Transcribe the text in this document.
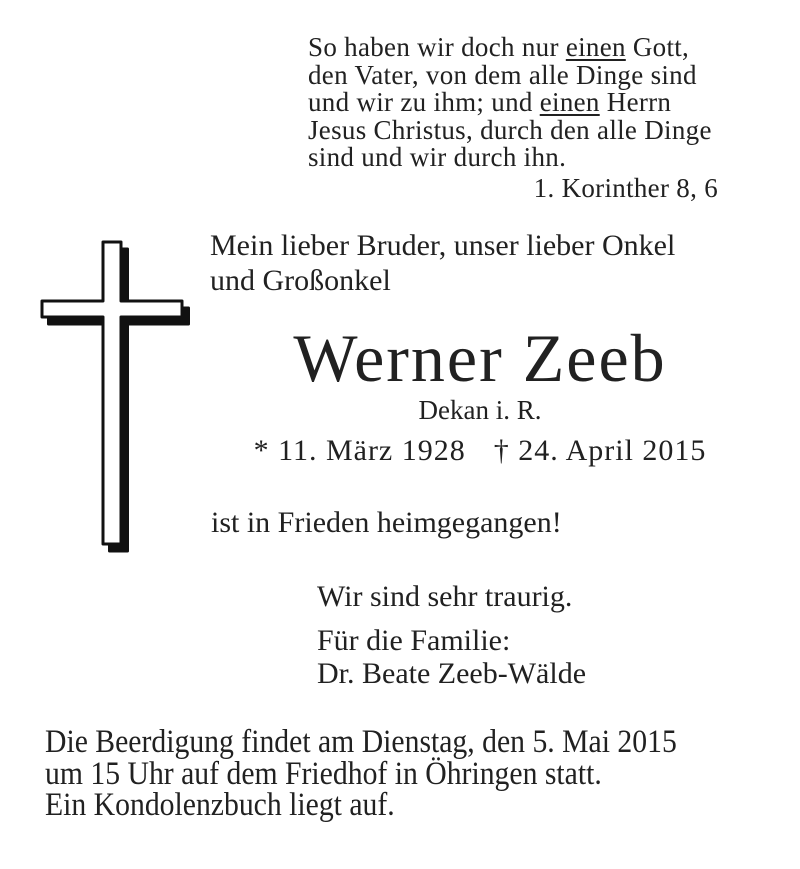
So haben wir doch nur einen Gott,
den Vater, von dem alle Dinge sind
und wir zu ihm; und einen Herrn
Jesus Christus, durch den alle Dinge
sind und wir durch ihn.
1. Korinther 8, 6
Mein lieber Bruder, unser lieber Onkel
und Großonkel
Werner Zeeb
Dekan i. R.
* 11. März 1928 † 24. April 2015
ist in Frieden heimgegangen!
Wir sind sehr traurig.
Für die Familie:
Dr. Beate Zeeb-Wälde
Die Beerdigung findet am Dienstag, den 5. Mai 2015
um 15 Uhr auf dem Friedhof in Öhringen statt.
Ein Kondolenzbuch liegt auf.
